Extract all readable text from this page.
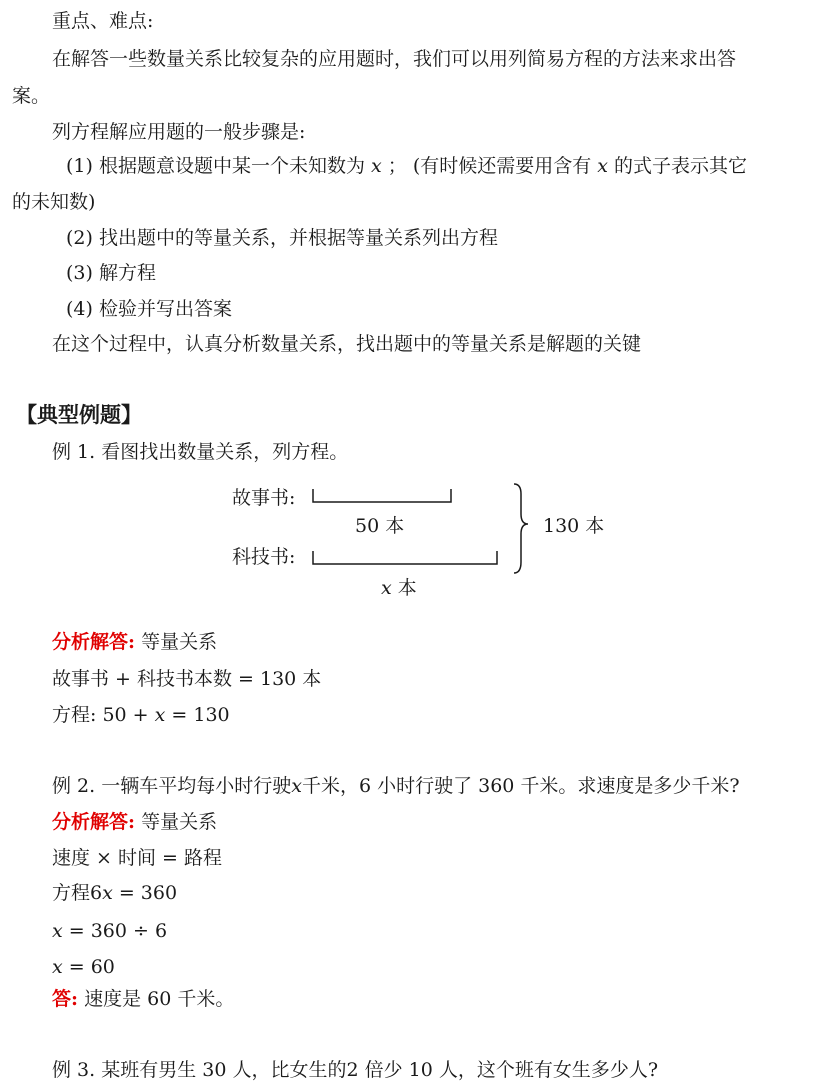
重点、难点:
在解答一些数量关系比较复杂的应用题时，我们可以用列简易方程的方法来求出答
案。
列方程解应用题的一般步骤是:
(1) 根据题意设题中某一个未知数为 x ； (有时候还需要用含有 x 的式子表示其它
的未知数)
(2) 找出题中的等量关系，并根据等量关系列出方程
(3) 解方程
(4) 检验并写出答案
在这个过程中，认真分析数量关系，找出题中的等量关系是解题的关键
【典型例题】
例 1. 看图找出数量关系，列方程。
故事书:
50 本
科技书:
x 本
130 本
分析解答: 等量关系
故事书 + 科技书本数 = 130 本
方程: 50 + x = 130
例 2. 一辆车平均每小时行驶x千米，6 小时行驶了 360 千米。求速度是多少千米?
分析解答: 等量关系
速度 × 时间 = 路程
方程6x = 360
x = 360 ÷ 6
x = 60
答: 速度是 60 千米。
例 3. 某班有男生 30 人，比女生的2 倍少 10 人，这个班有女生多少人?
